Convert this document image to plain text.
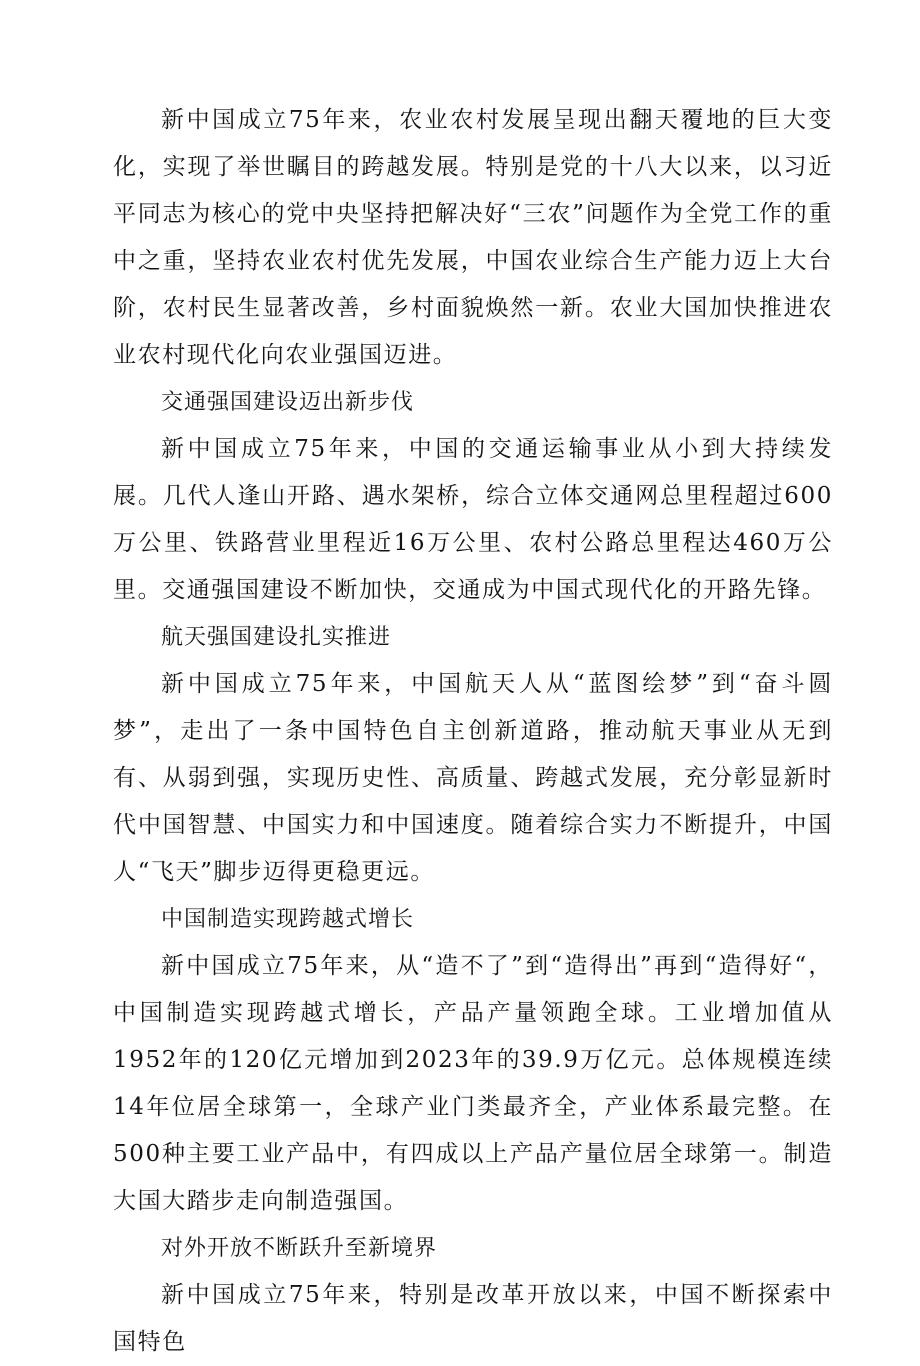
新中国成立75年来，农业农村发展呈现出翻天覆地的巨大变化，实现了举世瞩目的跨越发展。特别是党的十八大以来，以习近平同志为核心的党中央坚持把解决好“三农”问题作为全党工作的重中之重，坚持农业农村优先发展，中国农业综合生产能力迈上大台阶，农村民生显著改善，乡村面貌焕然一新。农业大国加快推进农业农村现代化向农业强国迈进。

交通强国建设迈出新步伐

新中国成立75年来，中国的交通运输事业从小到大持续发展。几代人逢山开路、遇水架桥，综合立体交通网总里程超过600万公里、铁路营业里程近16万公里、农村公路总里程达460万公里。交通强国建设不断加快，交通成为中国式现代化的开路先锋。

航天强国建设扎实推进

新中国成立75年来，中国航天人从“蓝图绘梦”到“奋斗圆梦”，走出了一条中国特色自主创新道路，推动航天事业从无到有、从弱到强，实现历史性、高质量、跨越式发展，充分彰显新时代中国智慧、中国实力和中国速度。随着综合实力不断提升，中国人“飞天”脚步迈得更稳更远。

中国制造实现跨越式增长

新中国成立75年来，从“造不了”到“造得出”再到“造得好“，中国制造实现跨越式增长，产品产量领跑全球。工业增加值从1952年的120亿元增加到2023年的39.9万亿元。总体规模连续14年位居全球第一，全球产业门类最齐全，产业体系最完整。在500种主要工业产品中，有四成以上产品产量位居全球第一。制造大国大踏步走向制造强国。

对外开放不断跃升至新境界

新中国成立75年来，特别是改革开放以来，中国不断探索中国特色
